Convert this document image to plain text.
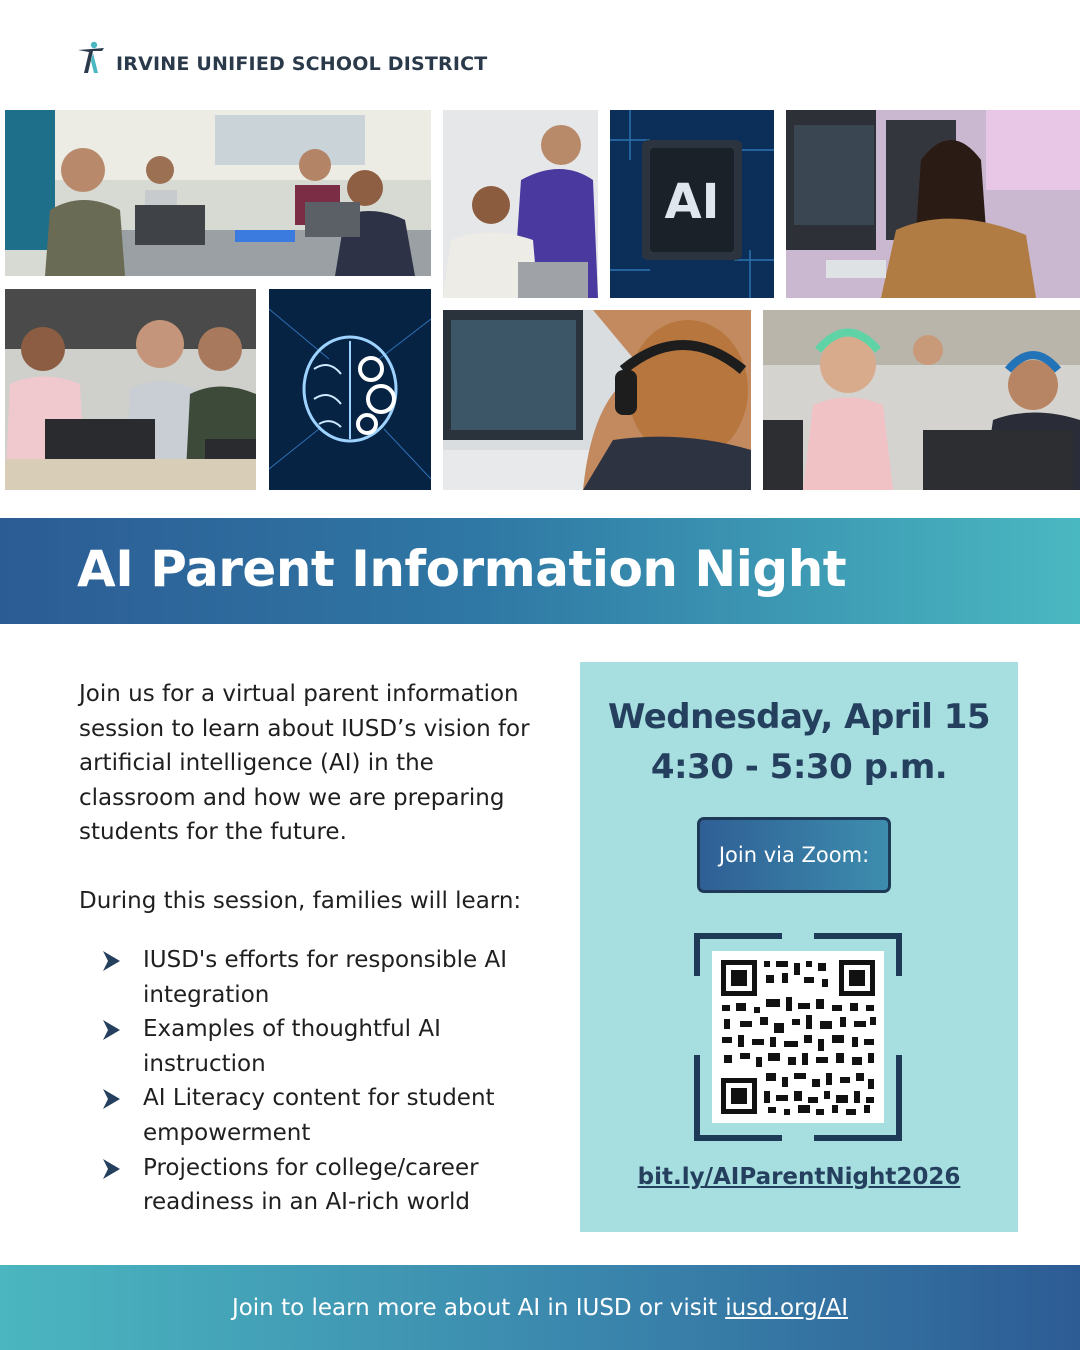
IRVINE UNIFIED SCHOOL DISTRICT
AI
AI Parent Information Night
Join us for a virtual parent information session to learn about IUSD’s vision for artificial intelligence (AI) in the classroom and how we are preparing students for the future.
During this session, families will learn:
IUSD's efforts for responsible AI integration
Examples of thoughtful AI instruction
AI Literacy content for student empowerment
Projections for college/career readiness in an AI-rich world
Wednesday, April 15
4:30 - 5:30 p.m.
Join via Zoom:
bit.ly/AIParentNight2026
Join to learn more about AI in IUSD or visit iusd.org/AI
